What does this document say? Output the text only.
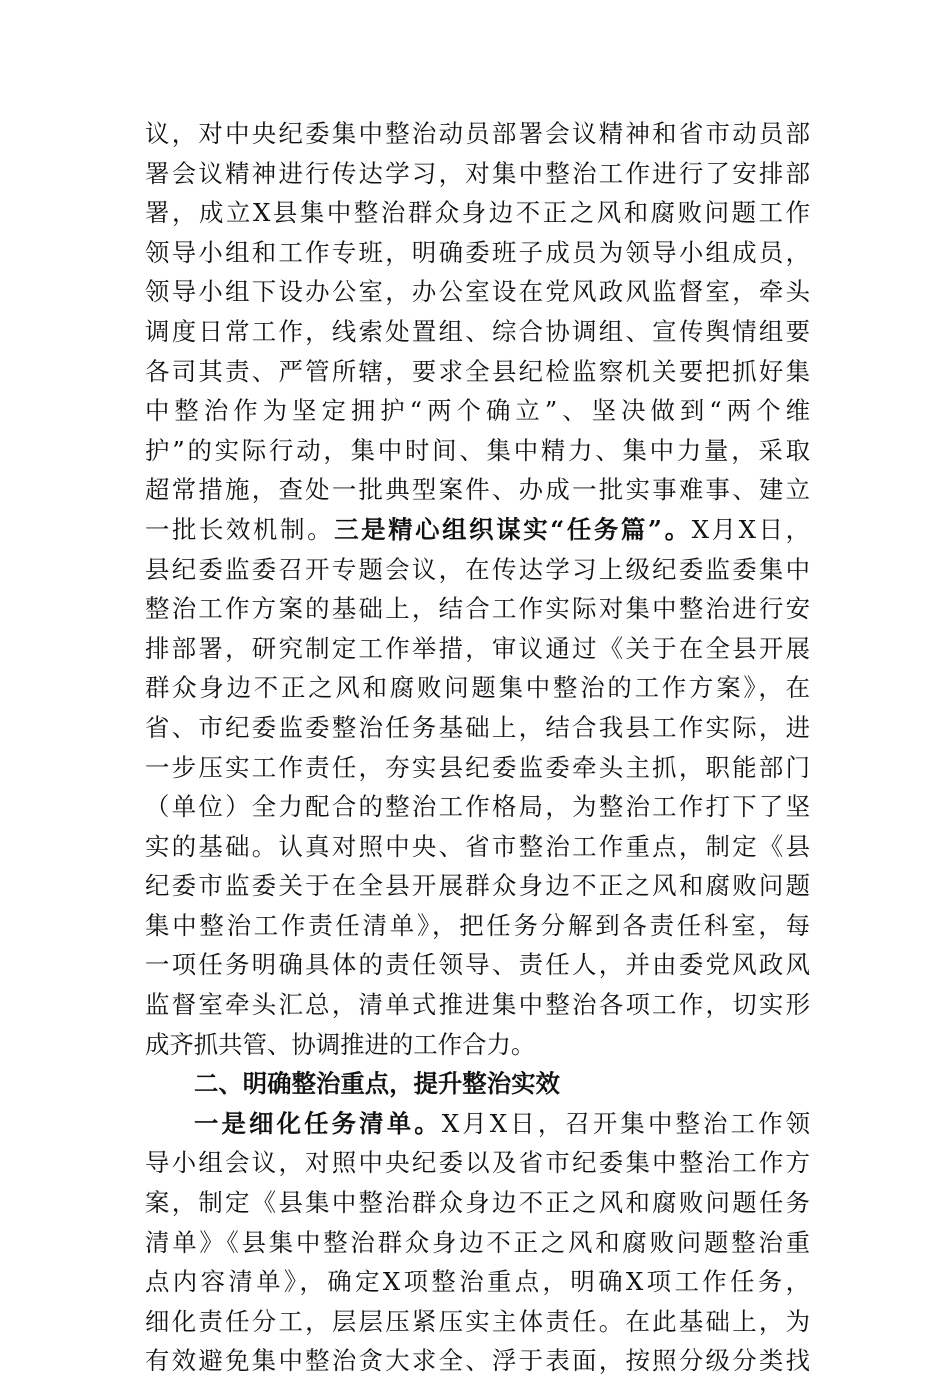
议，对中央纪委集中整治动员部署会议精神和省市动员部
署会议精神进行传达学习，对集中整治工作进行了安排部
署，成立X县集中整治群众身边不正之风和腐败问题工作
领导小组和工作专班，明确委班子成员为领导小组成员，
领导小组下设办公室，办公室设在党风政风监督室，牵头
调度日常工作，线索处置组、综合协调组、宣传舆情组要
各司其责、严管所辖，要求全县纪检监察机关要把抓好集
中整治作为坚定拥护“两个确立”、坚决做到“两个维
护”的实际行动，集中时间、集中精力、集中力量，采取
超常措施，查处一批典型案件、办成一批实事难事、建立
一批长效机制。三是精心组织谋实“任务篇”。X月X日，
县纪委监委召开专题会议，在传达学习上级纪委监委集中
整治工作方案的基础上，结合工作实际对集中整治进行安
排部署，研究制定工作举措，审议通过《关于在全县开展
群众身边不正之风和腐败问题集中整治的工作方案》，在
省、市纪委监委整治任务基础上，结合我县工作实际，进
一步压实工作责任，夯实县纪委监委牵头主抓，职能部门
（单位）全力配合的整治工作格局，为整治工作打下了坚
实的基础。认真对照中央、省市整治工作重点，制定《县
纪委市监委关于在全县开展群众身边不正之风和腐败问题
集中整治工作责任清单》，把任务分解到各责任科室，每
一项任务明确具体的责任领导、责任人，并由委党风政风
监督室牵头汇总，清单式推进集中整治各项工作，切实形
成齐抓共管、协调推进的工作合力。
二、明确整治重点，提升整治实效
一是细化任务清单。X月X日，召开集中整治工作领
导小组会议，对照中央纪委以及省市纪委集中整治工作方
案，制定《县集中整治群众身边不正之风和腐败问题任务
清单》《县集中整治群众身边不正之风和腐败问题整治重
点内容清单》，确定X项整治重点，明确X项工作任务，
细化责任分工，层层压紧压实主体责任。在此基础上，为
有效避免集中整治贪大求全、浮于表面，按照分级分类找
